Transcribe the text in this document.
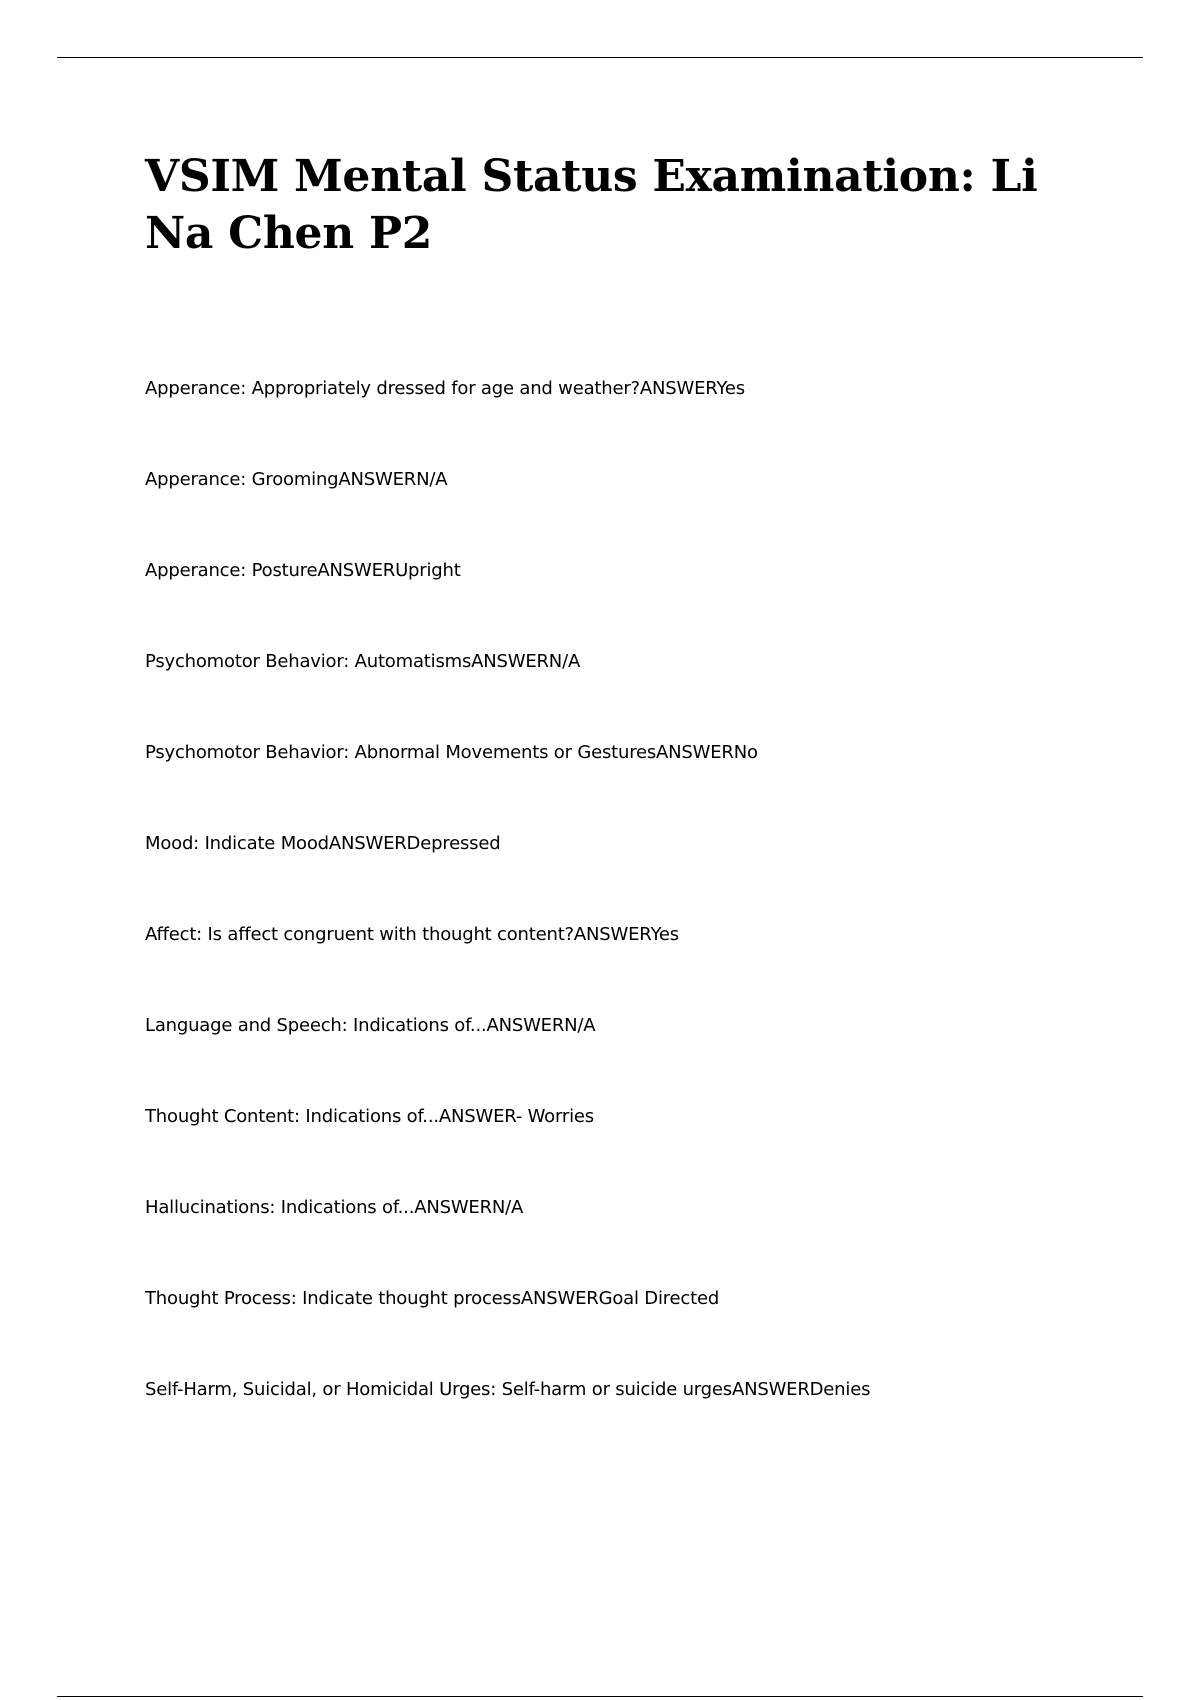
VSIM Mental Status Examination: Li Na Chen P2
Apperance: Appropriately dressed for age and weather?ANSWERYes
Apperance: GroomingANSWERN/A
Apperance: PostureANSWERUpright
Psychomotor Behavior: AutomatismsANSWERN/A
Psychomotor Behavior: Abnormal Movements or GesturesANSWERNo
Mood: Indicate MoodANSWERDepressed
Affect: Is affect congruent with thought content?ANSWERYes
Language and Speech: Indications of...ANSWERN/A
Thought Content: Indications of...ANSWER- Worries
Hallucinations: Indications of...ANSWERN/A
Thought Process: Indicate thought processANSWERGoal Directed
Self-Harm, Suicidal, or Homicidal Urges: Self-harm or suicide urgesANSWERDenies
